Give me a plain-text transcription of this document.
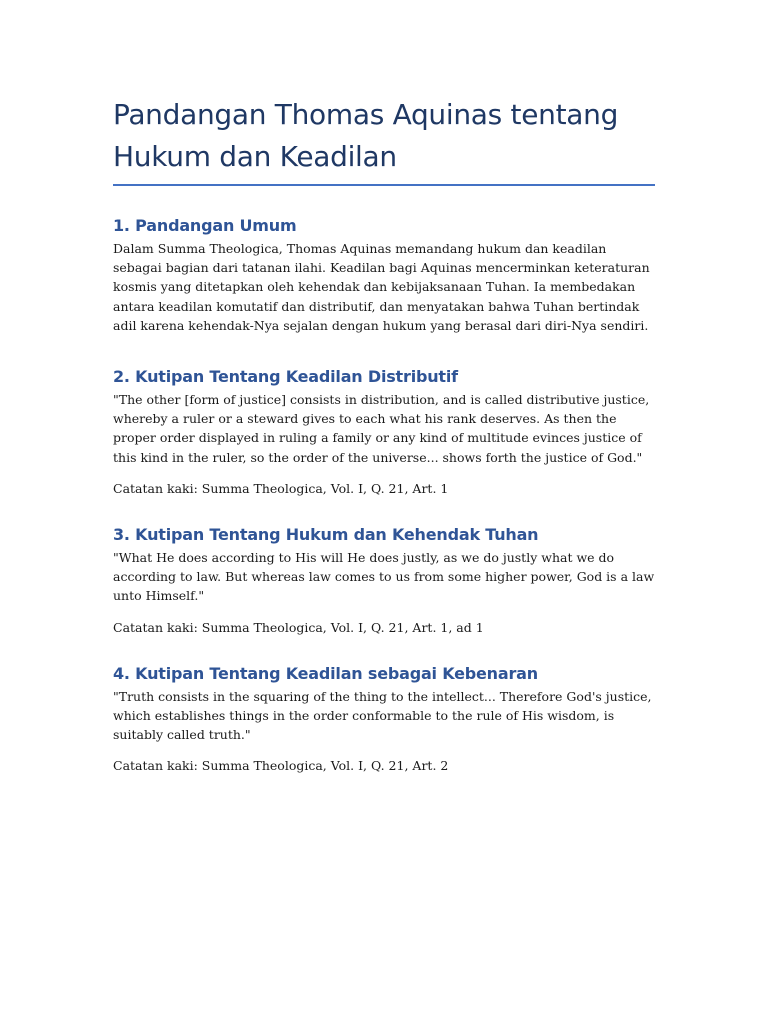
Pandangan Thomas Aquinas tentang Hukum dan Keadilan
1. Pandangan Umum

Dalam Summa Theologica, Thomas Aquinas memandang hukum dan keadilan sebagai bagian dari tatanan ilahi. Keadilan bagi Aquinas mencerminkan keteraturan kosmis yang ditetapkan oleh kehendak dan kebijaksanaan Tuhan. Ia membedakan antara keadilan komutatif dan distributif, dan menyatakan bahwa Tuhan bertindak adil karena kehendak-Nya sejalan dengan hukum yang berasal dari diri-Nya sendiri.

2. Kutipan Tentang Keadilan Distributif

"The other [form of justice] consists in distribution, and is called distributive justice, whereby a ruler or a steward gives to each what his rank deserves. As then the proper order displayed in ruling a family or any kind of multitude evinces justice of this kind in the ruler, so the order of the universe... shows forth the justice of God."

Catatan kaki: Summa Theologica, Vol. I, Q. 21, Art. 1

3. Kutipan Tentang Hukum dan Kehendak Tuhan

"What He does according to His will He does justly, as we do justly what we do according to law. But whereas law comes to us from some higher power, God is a law unto Himself."

Catatan kaki: Summa Theologica, Vol. I, Q. 21, Art. 1, ad 1

4. Kutipan Tentang Keadilan sebagai Kebenaran

"Truth consists in the squaring of the thing to the intellect... Therefore God's justice, which establishes things in the order conformable to the rule of His wisdom, is suitably called truth."

Catatan kaki: Summa Theologica, Vol. I, Q. 21, Art. 2
